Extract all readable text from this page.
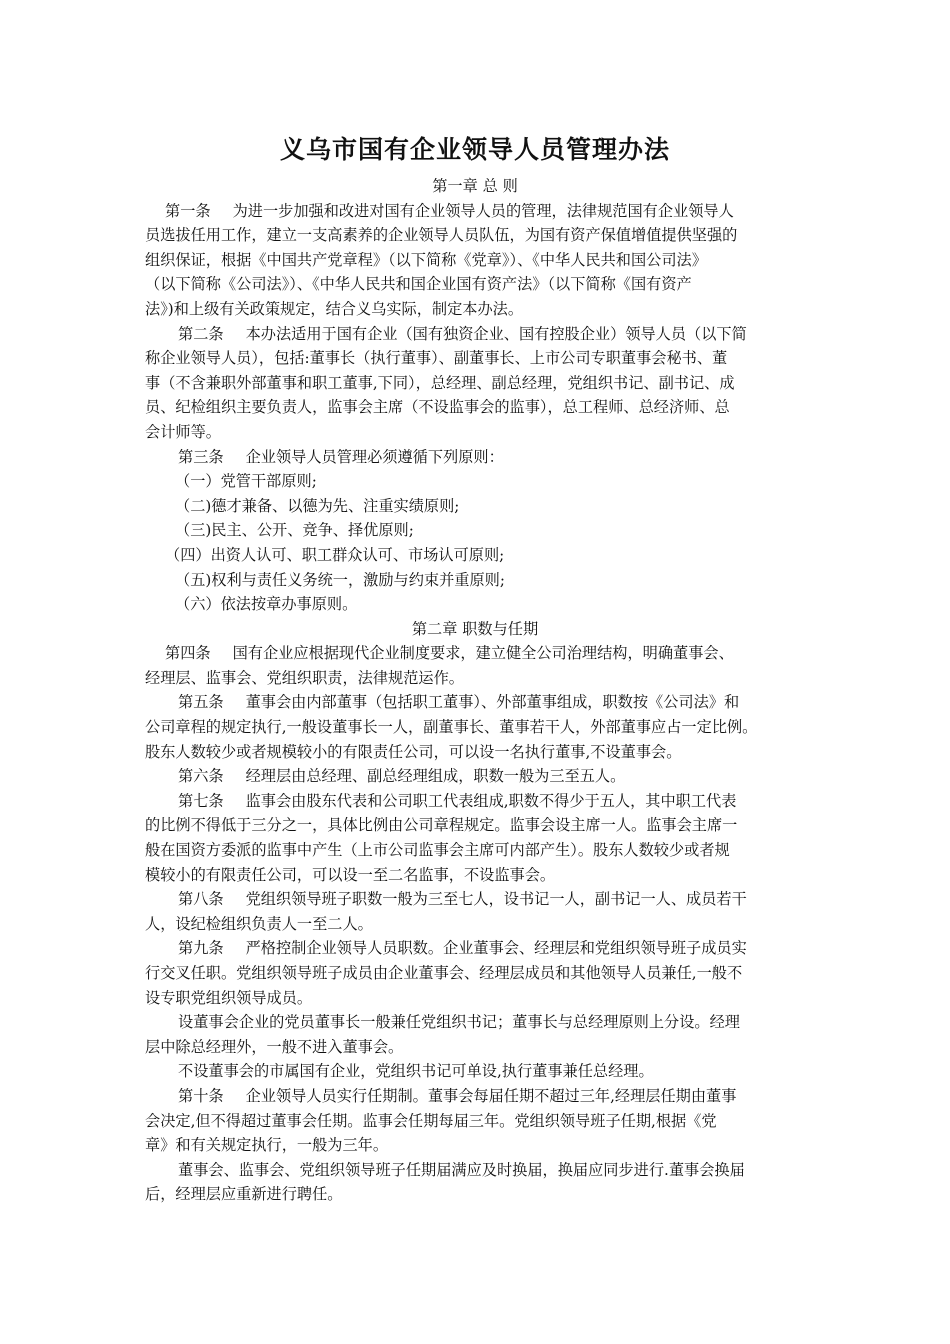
义乌市国有企业领导人员管理办法
第一章 总 则
第一条 为进一步加强和改进对国有企业领导人员的管理，法律规范国有企业领导人
员选拔任用工作，建立一支高素养的企业领导人员队伍，为国有资产保值增值提供坚强的
组织保证，根据《中国共产党章程》（以下简称《党章》）、《中华人民共和国公司法》
（以下简称《公司法》）、《中华人民共和国企业国有资产法》（以下简称《国有资产
法》)和上级有关政策规定，结合义乌实际，制定本办法。
第二条 本办法适用于国有企业（国有独资企业、国有控股企业）领导人员（以下简
称企业领导人员），包括:董事长（执行董事）、副董事长、上市公司专职董事会秘书、董
事（不含兼职外部董事和职工董事,下同），总经理、副总经理，党组织书记、副书记、成
员、纪检组织主要负责人，监事会主席（不设监事会的监事），总工程师、总经济师、总
会计师等。
第三条 企业领导人员管理必须遵循下列原则：
（一）党管干部原则;
（二)德才兼备、以德为先、注重实绩原则;
（三)民主、公开、竞争、择优原则;
（四）出资人认可、职工群众认可、市场认可原则;
（五)权利与责任义务统一，激励与约束并重原则;
（六）依法按章办事原则。
第二章 职数与任期
第四条 国有企业应根据现代企业制度要求，建立健全公司治理结构，明确董事会、
经理层、监事会、党组织职责，法律规范运作。
第五条 董事会由内部董事（包括职工董事）、外部董事组成，职数按《公司法》和
公司章程的规定执行,一般设董事长一人，副董事长、董事若干人，外部董事应占一定比例。
股东人数较少或者规模较小的有限责任公司，可以设一名执行董事,不设董事会。
第六条 经理层由总经理、副总经理组成，职数一般为三至五人。
第七条 监事会由股东代表和公司职工代表组成,职数不得少于五人，其中职工代表
的比例不得低于三分之一，具体比例由公司章程规定。监事会设主席一人。监事会主席一
般在国资方委派的监事中产生（上市公司监事会主席可内部产生）。股东人数较少或者规
模较小的有限责任公司，可以设一至二名监事，不设监事会。
第八条 党组织领导班子职数一般为三至七人，设书记一人，副书记一人、成员若干
人，设纪检组织负责人一至二人。
第九条 严格控制企业领导人员职数。企业董事会、经理层和党组织领导班子成员实
行交叉任职。党组织领导班子成员由企业董事会、经理层成员和其他领导人员兼任,一般不
设专职党组织领导成员。
设董事会企业的党员董事长一般兼任党组织书记；董事长与总经理原则上分设。经理
层中除总经理外，一般不进入董事会。
不设董事会的市属国有企业，党组织书记可单设,执行董事兼任总经理。
第十条 企业领导人员实行任期制。董事会每届任期不超过三年,经理层任期由董事
会决定,但不得超过董事会任期。监事会任期每届三年。党组织领导班子任期,根据《党
章》和有关规定执行，一般为三年。
董事会、监事会、党组织领导班子任期届满应及时换届，换届应同步进行.董事会换届
后，经理层应重新进行聘任。
